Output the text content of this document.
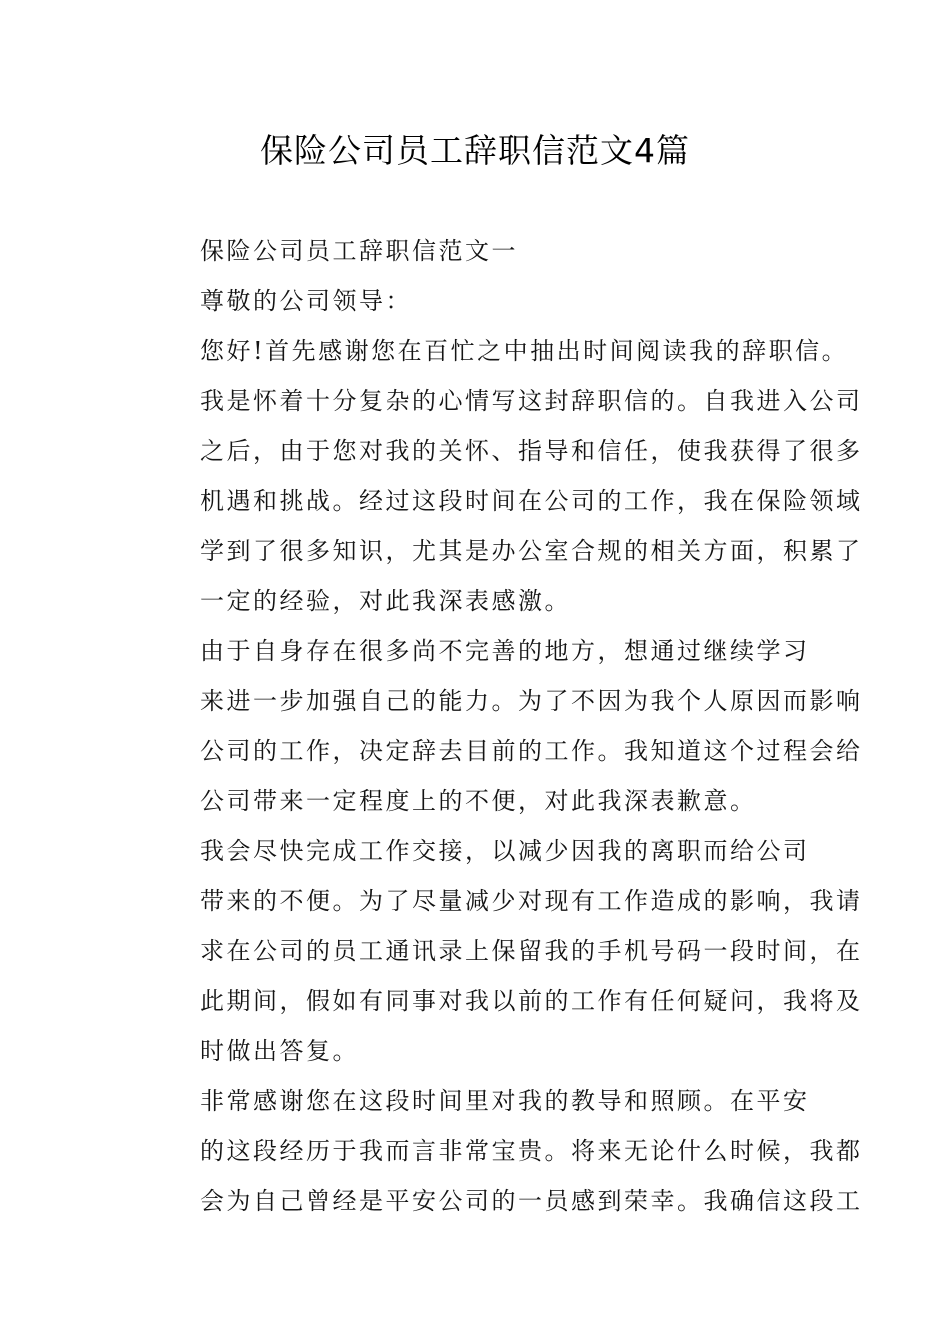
保险公司员工辞职信范文4篇

保险公司员工辞职信范文一

尊敬的公司领导：

您好!首先感谢您在百忙之中抽出时间阅读我的辞职信。
我是怀着十分复杂的心情写这封辞职信的。自我进入公司
之后，由于您对我的关怀、指导和信任，使我获得了很多
机遇和挑战。经过这段时间在公司的工作，我在保险领域
学到了很多知识，尤其是办公室合规的相关方面，积累了
一定的经验，对此我深表感激。

由于自身存在很多尚不完善的地方，想通过继续学习
来进一步加强自己的能力。为了不因为我个人原因而影响
公司的工作，决定辞去目前的工作。我知道这个过程会给
公司带来一定程度上的不便，对此我深表歉意。

我会尽快完成工作交接，以减少因我的离职而给公司
带来的不便。为了尽量减少对现有工作造成的影响，我请
求在公司的员工通讯录上保留我的手机号码一段时间，在
此期间，假如有同事对我以前的工作有任何疑问，我将及
时做出答复。

非常感谢您在这段时间里对我的教导和照顾。在平安
的这段经历于我而言非常宝贵。将来无论什么时候，我都
会为自己曾经是平安公司的一员感到荣幸。我确信这段工
